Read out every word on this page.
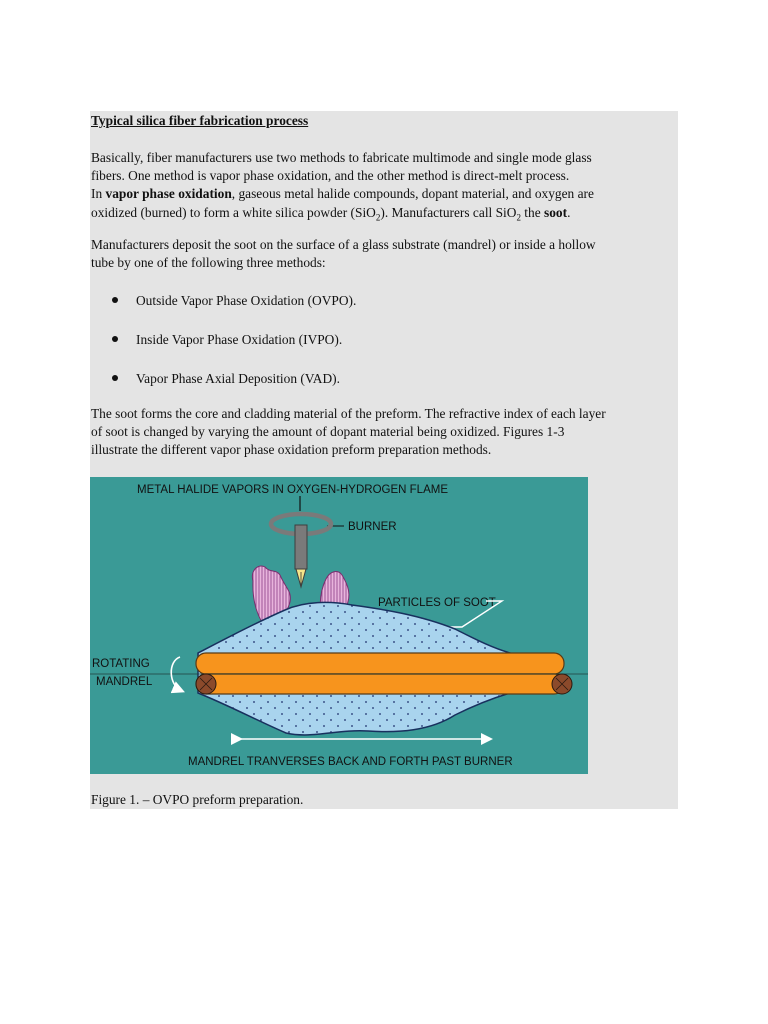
Typical silica fiber fabrication process

Basically, fiber manufacturers use two methods to fabricate multimode and single mode glass
fibers. One method is vapor phase oxidation, and the other method is direct-melt process.
In vapor phase oxidation, gaseous metal halide compounds, dopant material, and oxygen are
oxidized (burned) to form a white silica powder (SiO$_2$). Manufacturers call SiO$_2$ the soot.

Manufacturers deposit the soot on the surface of a glass substrate (mandrel) or inside a hollow
tube by one of the following three methods:

Outside Vapor Phase Oxidation (OVPO).
Inside Vapor Phase Oxidation (IVPO).
Vapor Phase Axial Deposition (VAD).

The soot forms the core and cladding material of the preform. The refractive index of each layer
of soot is changed by varying the amount of dopant material being oxidized. Figures 1-3
illustrate the different vapor phase oxidation preform preparation methods.

METAL HALIDE VAPORS IN OXYGEN-HYDROGEN FLAME
BURNER
PARTICLES OF SOOT
ROTATING
MANDREL
MANDREL TRANVERSES BACK AND FORTH PAST BURNER

Figure 1. – OVPO preform preparation.
